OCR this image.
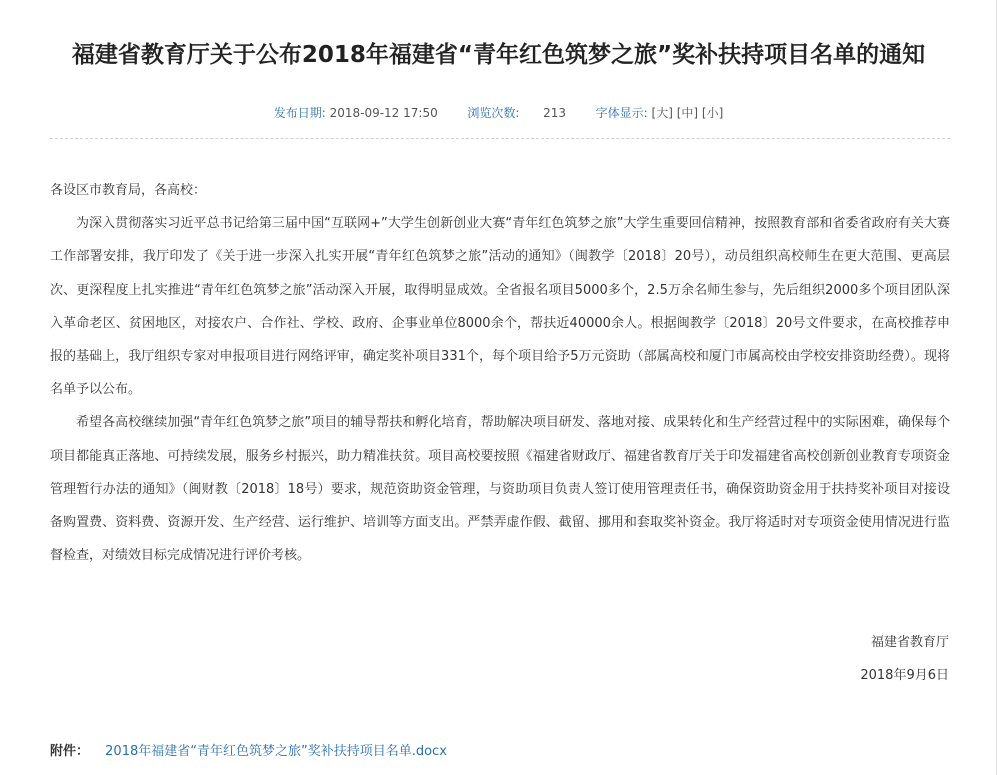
福建省教育厅关于公布2018年福建省“青年红色筑梦之旅”奖补扶持项目名单的通知
发布日期: 2018-09-12 17:50 浏览次数: 213 字体显示: [大] [中] [小]

各设区市教育局，各高校：

为深入贯彻落实习近平总书记给第三届中国“互联网+”大学生创新创业大赛“青年红色筑梦之旅”大学生重要回信精神，按照教育部和省委省政府有关大赛工作部署安排，我厅印发了《关于进一步深入扎实开展“青年红色筑梦之旅”活动的通知》（闽教学〔2018〕20号），动员组织高校师生在更大范围、更高层次、更深程度上扎实推进“青年红色筑梦之旅”活动深入开展，取得明显成效。全省报名项目5000多个，2.5万余名师生参与，先后组织2000多个项目团队深入革命老区、贫困地区，对接农户、合作社、学校、政府、企事业单位8000余个，帮扶近40000余人。根据闽教学〔2018〕20号文件要求，在高校推荐申报的基础上，我厅组织专家对申报项目进行网络评审，确定奖补项目331个，每个项目给予5万元资助（部属高校和厦门市属高校由学校安排资助经费）。现将名单予以公布。

希望各高校继续加强“青年红色筑梦之旅”项目的辅导帮扶和孵化培育，帮助解决项目研发、落地对接、成果转化和生产经营过程中的实际困难，确保每个项目都能真正落地、可持续发展，服务乡村振兴，助力精准扶贫。项目高校要按照《福建省财政厅、福建省教育厅关于印发福建省高校创新创业教育专项资金管理暂行办法的通知》（闽财教〔2018〕18号）要求，规范资助资金管理，与资助项目负责人签订使用管理责任书，确保资助资金用于扶持奖补项目对接设备购置费、资料费、资源开发、生产经营、运行维护、培训等方面支出。严禁弄虚作假、截留、挪用和套取奖补资金。我厅将适时对专项资金使用情况进行监督检查，对绩效目标完成情况进行评价考核。

福建省教育厅
2018年9月6日
附件： 2018年福建省“青年红色筑梦之旅”奖补扶持项目名单.docx
